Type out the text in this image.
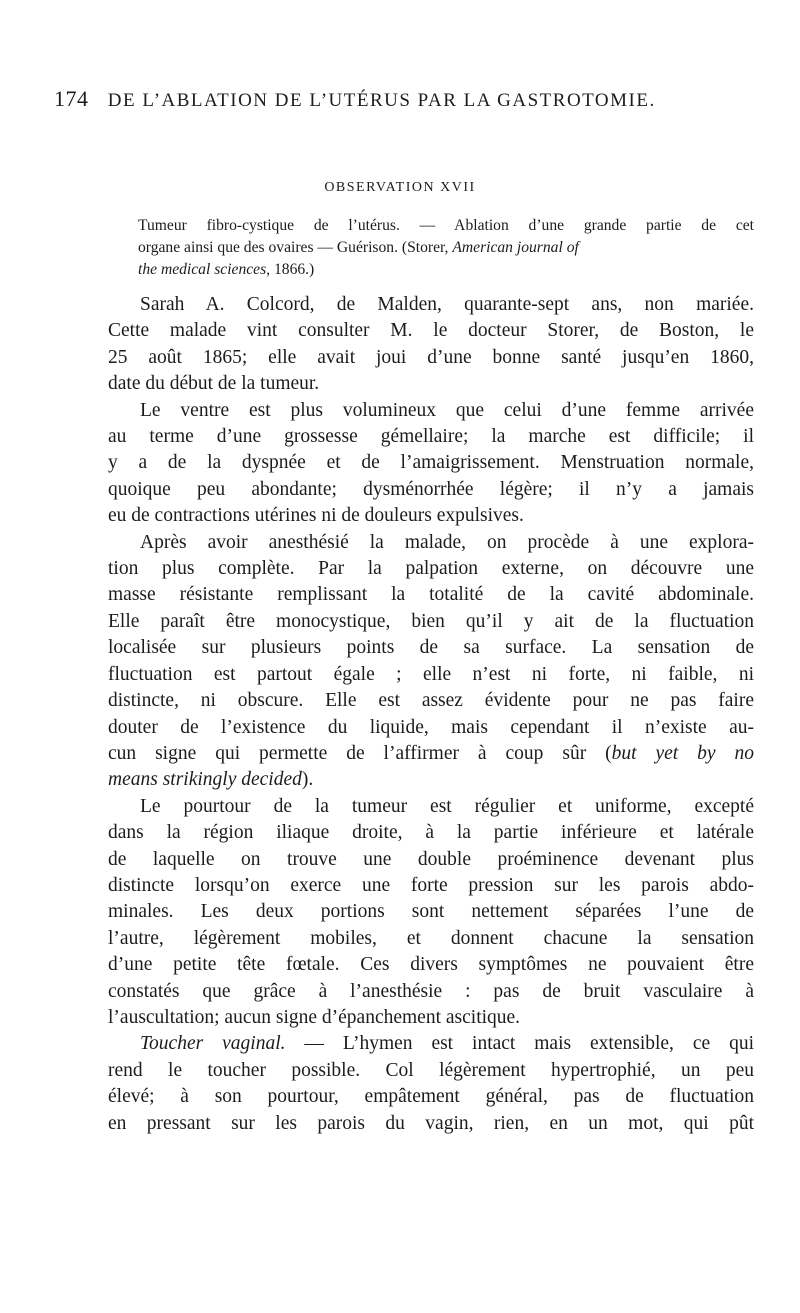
174 DE L’ABLATION DE L’UTÉRUS PAR LA GASTROTOMIE.
OBSERVATION XVII
Tumeur fibro-cystique de l’utérus. — Ablation d’une grande partie de cet
organe ainsi que des ovaires — Guérison. (Storer, American journal of
the medical sciences, 1866.)
Sarah A. Colcord, de Malden, quarante-sept ans, non mariée.
Cette malade vint consulter M. le docteur Storer, de Boston, le
25 août 1865; elle avait joui d’une bonne santé jusqu’en 1860,
date du début de la tumeur.
Le ventre est plus volumineux que celui d’une femme arrivée
au terme d’une grossesse gémellaire; la marche est difficile; il
y a de la dyspnée et de l’amaigrissement. Menstruation normale,
quoique peu abondante; dysménorrhée légère; il n’y a jamais
eu de contractions utérines ni de douleurs expulsives.
Après avoir anesthésié la malade, on procède à une explora-
tion plus complète. Par la palpation externe, on découvre une
masse résistante remplissant la totalité de la cavité abdominale.
Elle paraît être monocystique, bien qu’il y ait de la fluctuation
localisée sur plusieurs points de sa surface. La sensation de
fluctuation est partout égale ; elle n’est ni forte, ni faible, ni
distincte, ni obscure. Elle est assez évidente pour ne pas faire
douter de l’existence du liquide, mais cependant il n’existe au-
cun signe qui permette de l’affirmer à coup sûr (but yet by no
means strikingly decided).
Le pourtour de la tumeur est régulier et uniforme, excepté
dans la région iliaque droite, à la partie inférieure et latérale
de laquelle on trouve une double proéminence devenant plus
distincte lorsqu’on exerce une forte pression sur les parois abdo-
minales. Les deux portions sont nettement séparées l’une de
l’autre, légèrement mobiles, et donnent chacune la sensation
d’une petite tête fœtale. Ces divers symptômes ne pouvaient être
constatés que grâce à l’anesthésie : pas de bruit vasculaire à
l’auscultation; aucun signe d’épanchement ascitique.
Toucher vaginal. — L’hymen est intact mais extensible, ce qui
rend le toucher possible. Col légèrement hypertrophié, un peu
élevé; à son pourtour, empâtement général, pas de fluctuation
en pressant sur les parois du vagin, rien, en un mot, qui pût
